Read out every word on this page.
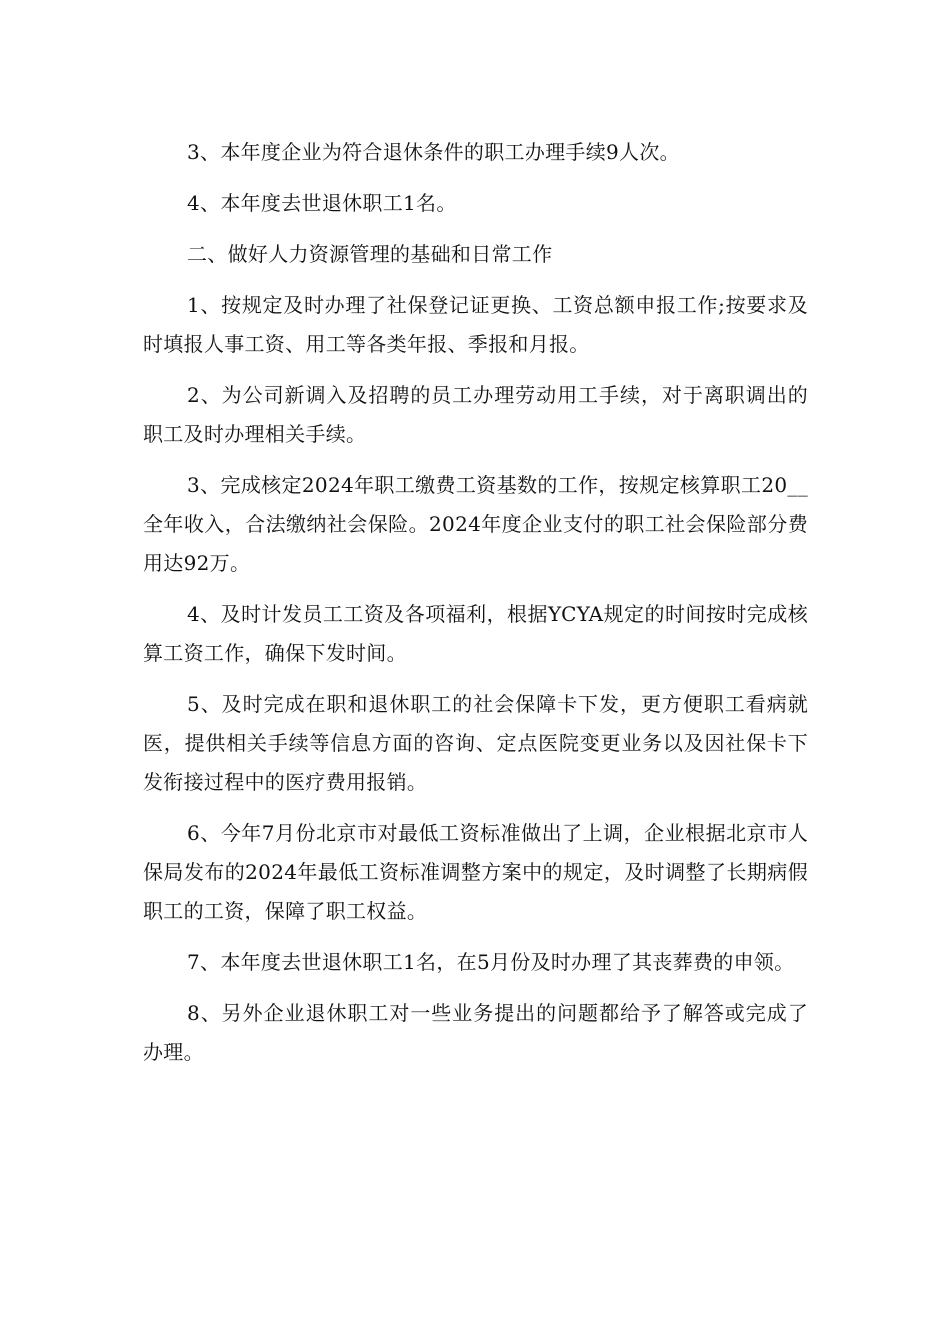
3、本年度企业为符合退休条件的职工办理手续9人次。

4、本年度去世退休职工1名。

二、做好人力资源管理的基础和日常工作

1、按规定及时办理了社保登记证更换、工资总额申报工作;按要求及时填报人事工资、用工等各类年报、季报和月报。

2、为公司新调入及招聘的员工办理劳动用工手续，对于离职调出的职工及时办理相关手续。

3、完成核定2024年职工缴费工资基数的工作，按规定核算职工20__全年收入，合法缴纳社会保险。2024年度企业支付的职工社会保险部分费用达92万。

4、及时计发员工工资及各项福利，根据YCYA规定的时间按时完成核算工资工作，确保下发时间。

5、及时完成在职和退休职工的社会保障卡下发，更方便职工看病就医，提供相关手续等信息方面的咨询、定点医院变更业务以及因社保卡下发衔接过程中的医疗费用报销。

6、今年7月份北京市对最低工资标准做出了上调，企业根据北京市人保局发布的2024年最低工资标准调整方案中的规定，及时调整了长期病假职工的工资，保障了职工权益。

7、本年度去世退休职工1名，在5月份及时办理了其丧葬费的申领。

8、另外企业退休职工对一些业务提出的问题都给予了解答或完成了办理。
